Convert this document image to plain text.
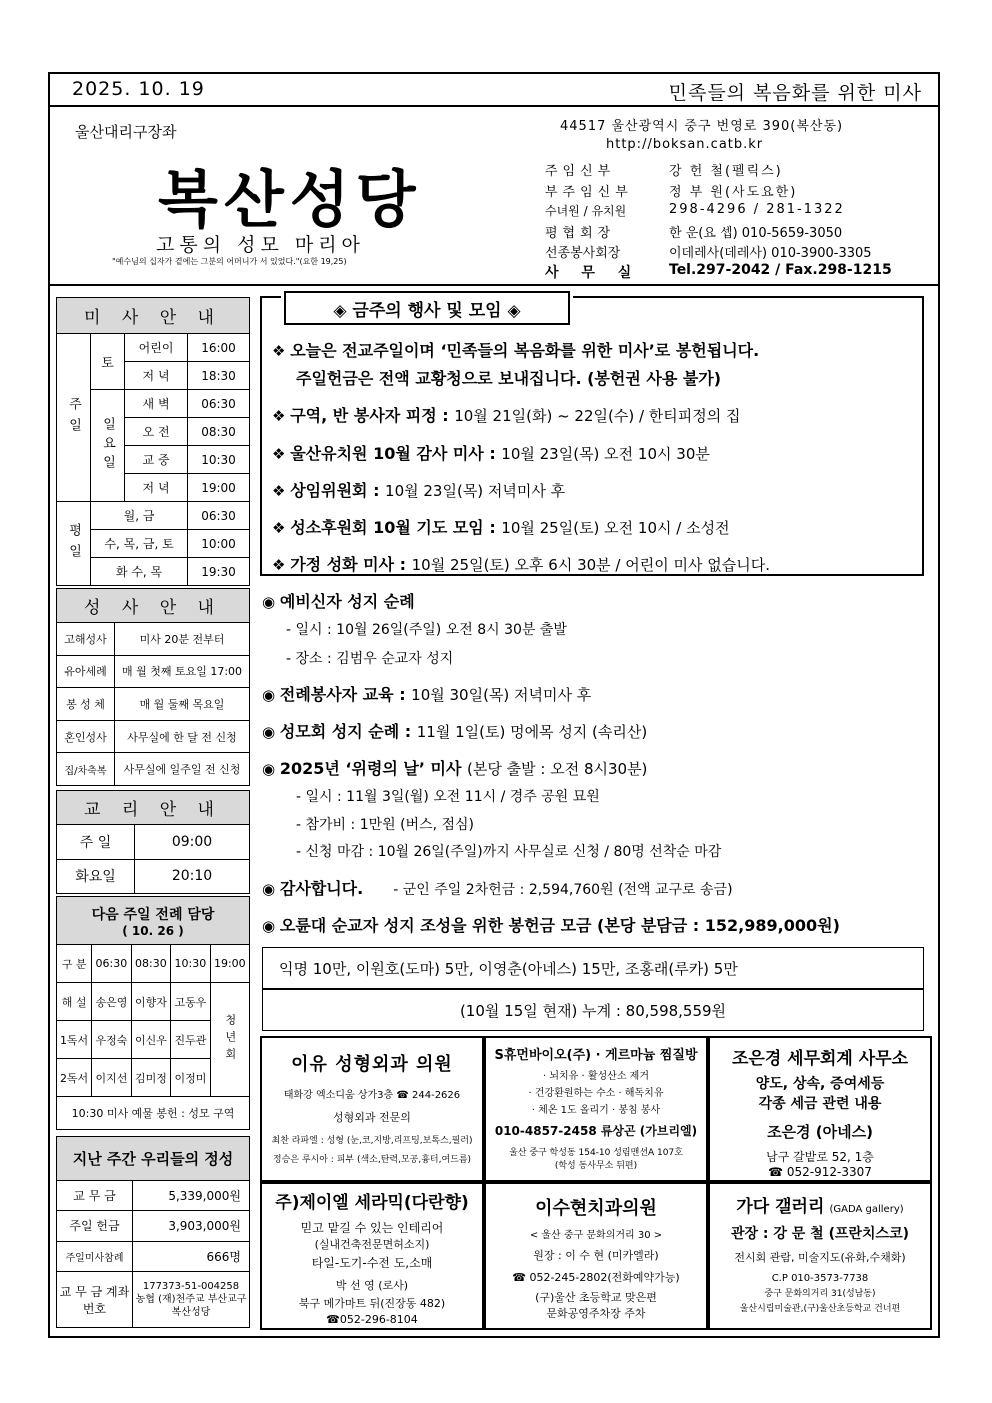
2025. 10. 19	민족들의 복음화를 위한 미사
울산대리구장좌
복산성당
고통의 성모 마리아
"예수님의 십자가 곁에는 그분의 어머니가 서 있었다."(요한 19,25)
44517 울산광역시 중구 번영로 390(복산동)
http://boksan.catb.kr
주임신부	강 헌 철(펠릭스)
부주임신부	정 부 원(사도요한)
수녀원 / 유치원	298-4296 / 281-1322
평협회장	한 운(요 셉) 010-5659-3050
선종봉사회장	이데레사(데레사) 010-3900-3305
사 무 실	Tel.297-2042 / Fax.298-1215
미 사 안 내			
주일	토	어린이	16:00
		저 녁	18:30
	일요일	새 벽	06:30
		오 전	08:30
		교 중	10:30
		저 녁	19:00
평일	월, 금		06:30
	수, 목, 금, 토		10:00
	화 수, 목		19:30
성 사 안 내	
고해성사	미사 20분 전부터
유아세례	매 월 첫째 토요일 17:00
봉 성 체	매 월 둘째 목요일
혼인성사	사무실에 한 달 전 신청
집/차축복	사무실에 일주일 전 신청
교 리 안 내	
주 일	09:00
화요일	20:10
다음 주일 전례 담당
( 10. 26 )				

구 분	06:30	08:30	10:30	19:00
해 설	송은영	이향자	고동우	청년회
1독서	우정숙	이신우	진두관	
2독서	이지선	김미정	이정미	
10:30 미사 예물 봉헌 : 성모 구역				
지난 주간 우리들의 정성	
교 무 금	5,339,000원
주일 헌금	3,903,000원
주일미사참례	666명
교 무 금 계좌번호	177373-51-004258
농협 (재)천주교 부산교구
복산성당
◈ 금주의 행사 및 모임 ◈
❖ 오늘은 전교주일이며 ‘민족들의 복음화를 위한 미사’로 봉헌됩니다.
주일헌금은 전액 교황청으로 보내집니다. (봉헌권 사용 불가)
❖ 구역, 반 봉사자 피정 : 10월 21일(화) ~ 22일(수) / 한티피정의 집
❖ 울산유치원 10월 감사 미사 : 10월 23일(목) 오전 10시 30분
❖ 상임위원회 : 10월 23일(목) 저녁미사 후
❖ 성소후원회 10월 기도 모임 : 10월 25일(토) 오전 10시 / 소성전
❖ 가정 성화 미사 : 10월 25일(토) 오후 6시 30분 / 어린이 미사 없습니다.
◉ 예비신자 성지 순례
- 일시 : 10월 26일(주일) 오전 8시 30분 출발
- 장소 : 김범우 순교자 성지
◉ 전례봉사자 교육 : 10월 30일(목) 저녁미사 후
◉ 성모회 성지 순례 : 11월 1일(토) 멍에목 성지 (속리산)
◉ 2025년 ‘위령의 날’ 미사 (본당 출발 : 오전 8시30분)
- 일시 : 11월 3일(월) 오전 11시 / 경주 공원 묘원
- 참가비 : 1만원 (버스, 점심)
- 신청 마감 : 10월 26일(주일)까지 사무실로 신청 / 80명 선착순 마감
◉ 감사합니다. - 군인 주일 2차헌금 : 2,594,760원 (전액 교구로 송금)
◉ 오륜대 순교자 성지 조성을 위한 봉헌금 모금 (본당 분담금 : 152,989,000원)
익명 10만, 이원호(도마) 5만, 이영춘(아네스) 15만, 조홍래(루카) 5만
(10월 15일 현재) 누계 : 80,598,559원
이유 성형외과 의원
태화강 엑소디움 상가3층 ☎ 244-2626
성형외과 전문의
최찬 라파엘 : 성형 (눈,코,지방,리프팅,보톡스,필러)
정승은 루시아 : 피부 (색소,탄력,모공,흉터,여드름)
S휴먼바이오(주) · 게르마늄 찜질방
· 뇌치유 · 활성산소 제거
· 건강환원하는 수소 · 해독치유
· 체온 1도 올리기 · 봉침 봉사
010-4857-2458 류상곤 (가브리엘)
울산 중구 학성동 154-10 성림맨션A 107호
(학성 동사무소 뒤편)
조은경 세무회계 사무소
양도, 상속, 증여세등
각종 세금 관련 내용
조은경 (아네스)
남구 갈밭로 52, 1층
☎ 052-912-3307
주)제이엘 세라믹(다란향)
믿고 맡길 수 있는 인테리어
(실내건축전문면허소지)
타일-도기-수전 도,소매
박 선 영 (로사)
북구 메가마트 뒤(진장동 482)
☎052-296-8104
이수현치과의원
< 울산 중구 문화의거리 30 >
원장 : 이 수 현 (미카엘라)
☎ 052-245-2802(전화예약가능)
(구)울산 초등학교 맞은편
문화공영주차장 주차
가다 갤러리 (GADA gallery)
관장 : 강 문 철 (프란치스코)
전시회 관람, 미술지도(유화,수채화)
C.P 010-3573-7738
중구 문화의거리 31(성남동)
울산시립미술관,(구)울산초등학교 건너편
